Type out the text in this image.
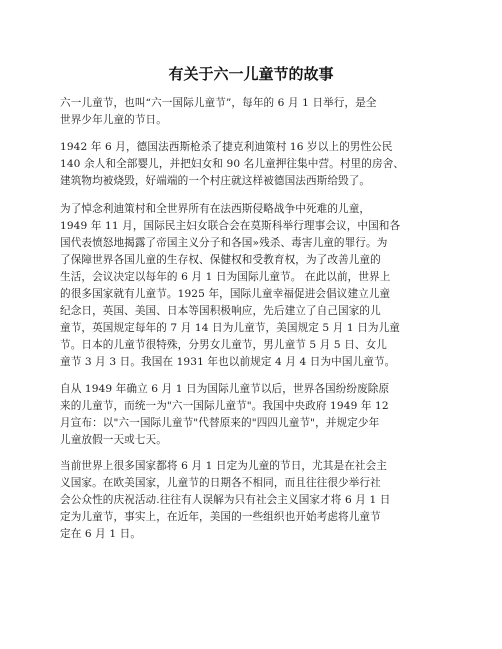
有关于六一儿童节的故事
六一儿童节，也叫“六一国际儿童节”，每年的 6 月 1 日举行，是全
世界少年儿童的节日。
1942 年 6 月，德国法西斯枪杀了捷克利迪策村 16 岁以上的男性公民
140 余人和全部婴儿，并把妇女和 90 名儿童押往集中营。村里的房舍、
建筑物均被烧毁，好端端的一个村庄就这样被德国法西斯给毁了。
为了悼念利迪策村和全世界所有在法西斯侵略战争中死难的儿童，
1949 年 11 月，国际民主妇女联合会在莫斯科举行理事会议，中国和各
国代表愤怒地揭露了帝国主义分子和各国»残杀、毒害儿童的罪行。为
了保障世界各国儿童的生存权、保健权和受教育权，为了改善儿童的
生活，会议决定以每年的 6 月 1 日为国际儿童节。 在此以前，世界上
的很多国家就有儿童节。1925 年，国际儿童幸福促进会倡议建立儿童
纪念日，英国、美国、日本等国积极响应，先后建立了自己国家的儿
童节，英国规定每年的 7 月 14 日为儿童节，美国规定 5 月 1 日为儿童
节。日本的儿童节很特殊，分男女儿童节，男儿童节 5 月 5 日、女儿
童节 3 月 3 日。我国在 1931 年也以前规定 4 月 4 日为中国儿童节。
自从 1949 年确立 6 月 1 日为国际儿童节以后，世界各国纷纷废除原
来的儿童节，而统一为"六一国际儿童节"。我国中央政府 1949 年 12
月宣布：以"六一国际儿童节"代替原来的"四四儿童节"，并规定少年
儿童放假一天或七天。
当前世界上很多国家都将 6 月 1 日定为儿童的节日，尤其是在社会主
义国家。在欧美国家，儿童节的日期各不相同，而且往往很少举行社
会公众性的庆祝活动.往往有人误解为只有社会主义国家才将 6 月 1 日
定为儿童节，事实上，在近年，美国的一些组织也开始考虑将儿童节
定在 6 月 1 日。
